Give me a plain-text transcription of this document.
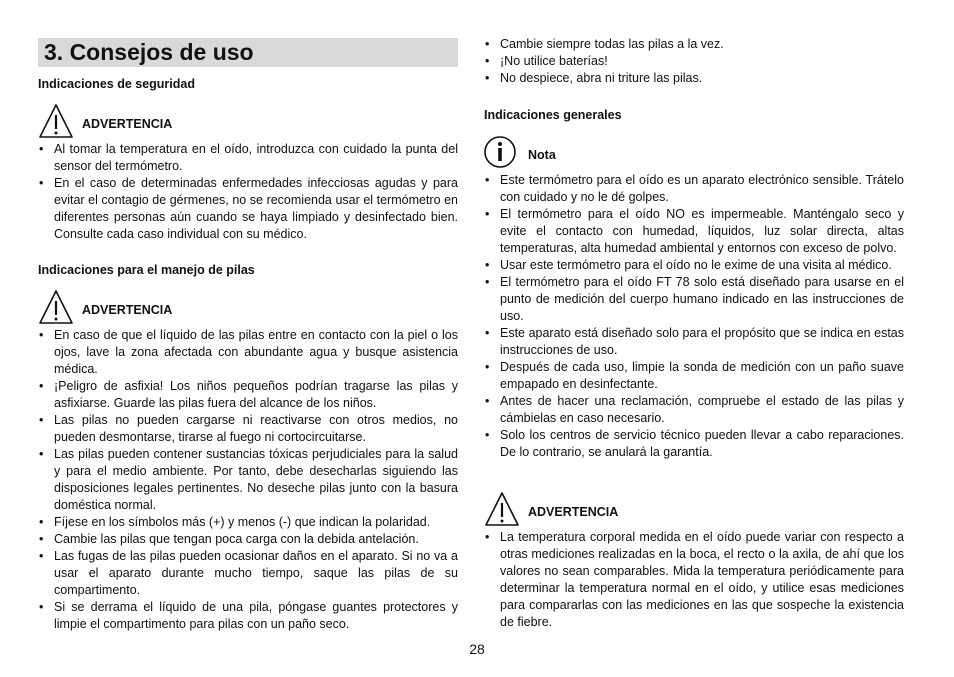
3. Consejos de uso
Indicaciones de seguridad
ADVERTENCIA
• Al tomar la temperatura en el oído, introduzca con cuidado la punta del sensor del termómetro.
• En el caso de determinadas enfermedades infecciosas agudas y para evitar el contagio de gérmenes, no se recomienda usar el termómetro en diferentes personas aún cuando se haya limpiado y desinfectado bien. Consulte cada caso individual con su médico.
Indicaciones para el manejo de pilas
ADVERTENCIA
• En caso de que el líquido de las pilas entre en contacto con la piel o los ojos, lave la zona afectada con abundante agua y busque asistencia médica.
• ¡Peligro de asfixia! Los niños pequeños podrían tragarse las pilas y asfixiarse. Guarde las pilas fuera del alcance de los niños.
• Las pilas no pueden cargarse ni reactivarse con otros medios, no pueden desmontarse, tirarse al fuego ni cortocircuitarse.
• Las pilas pueden contener sustancias tóxicas perjudiciales para la salud y para el medio ambiente. Por tanto, debe desecharlas siguiendo las disposiciones legales pertinentes. No deseche pilas junto con la basura doméstica normal.
• Fíjese en los símbolos más (+) y menos (-) que indican la polaridad.
• Cambie las pilas que tengan poca carga con la debida antelación.
• Las fugas de las pilas pueden ocasionar daños en el aparato. Si no va a usar el aparato durante mucho tiempo, saque las pilas de su compartimento.
• Si se derrama el líquido de una pila, póngase guantes protectores y limpie el compartimento para pilas con un paño seco.
• Cambie siempre todas las pilas a la vez.
• ¡No utilice baterías!
• No despiece, abra ni triture las pilas.
Indicaciones generales
Nota
• Este termómetro para el oído es un aparato electrónico sensible. Trátelo con cuidado y no le dé golpes.
• El termómetro para el oído NO es impermeable. Manténgalo seco y evite el contacto con humedad, líquidos, luz solar directa, altas temperaturas, alta humedad ambiental y entornos con exceso de polvo.
• Usar este termómetro para el oído no le exime de una visita al médico.
• El termómetro para el oído FT 78 solo está diseñado para usarse en el punto de medición del cuerpo humano indicado en las instrucciones de uso.
• Este aparato está diseñado solo para el propósito que se indica en estas instrucciones de uso.
• Después de cada uso, limpie la sonda de medición con un paño suave empapado en desinfectante.
• Antes de hacer una reclamación, compruebe el estado de las pilas y cámbielas en caso necesario.
• Solo los centros de servicio técnico pueden llevar a cabo reparaciones. De lo contrario, se anulará la garantía.
ADVERTENCIA
• La temperatura corporal medida en el oído puede variar con respecto a otras mediciones realizadas en la boca, el recto o la axila, de ahí que los valores no sean comparables. Mida la temperatura periódicamente para determinar la temperatura normal en el oído, y utilice esas mediciones para compararlas con las mediciones en las que sospeche la existencia de fiebre.
28
